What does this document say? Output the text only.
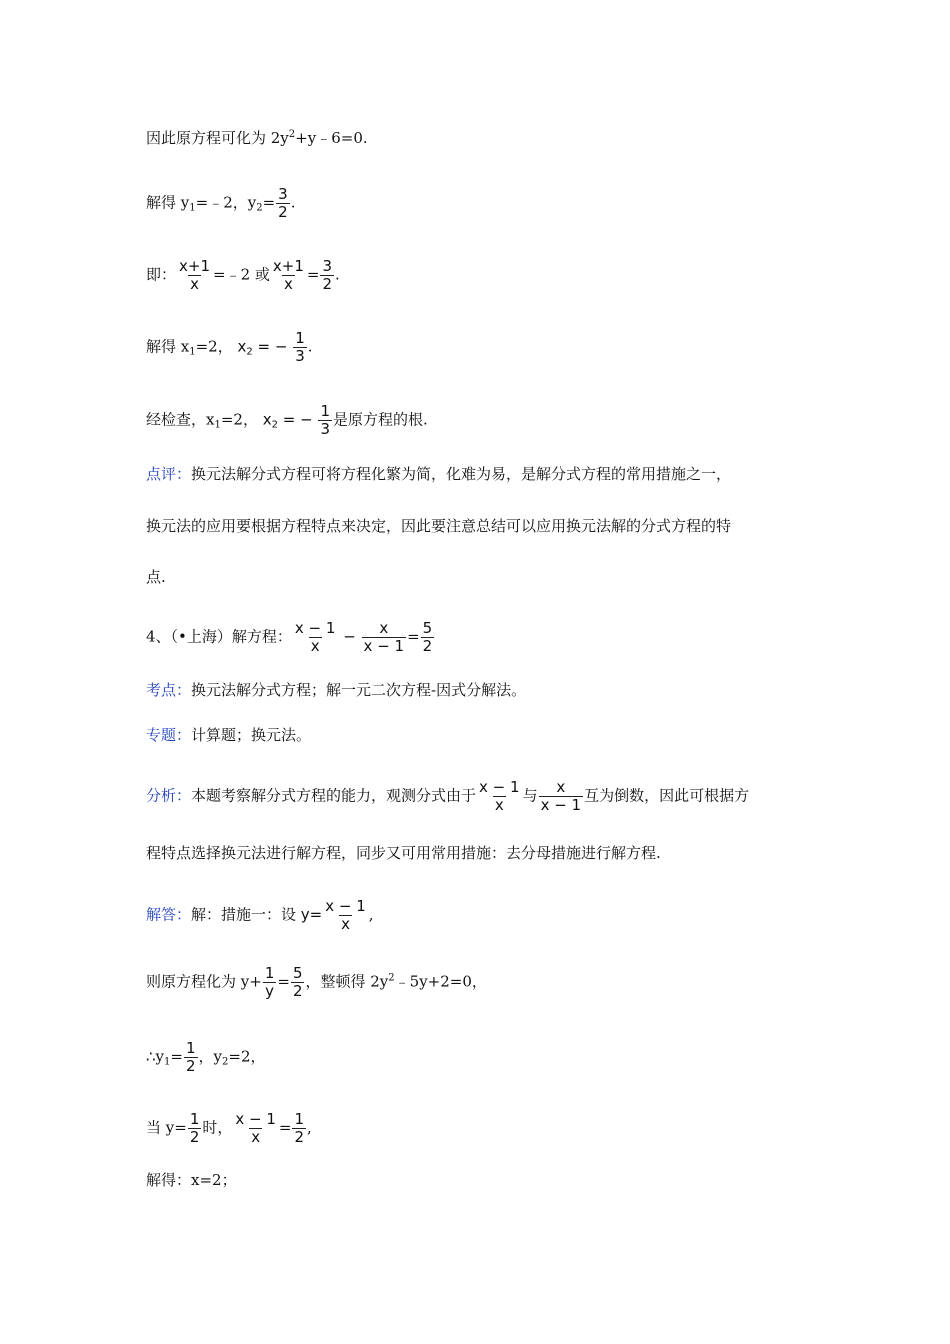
因此原方程可化为 $2y^2+y﹣6=0$.
解得 $y_1=﹣2$，$y_2= \frac{3}{2}$ .
即： $\frac{x+1}{x}$ =﹣2 或 $\frac{x+1}{x} = \frac{3}{2}$ .
解得 $x_1=2$， $x_2$ = − $\frac{1}{3}$ .
经检查，$x_1=2$， $x_2$ = − $\frac{1}{3}$ 是原方程的根.
点评：换元法解分式方程可将方程化繁为简，化难为易，是解分式方程的常用措施之一，
换元法的应用要根据方程特点来决定，因此要注意总结可以应用换元法解的分式方程的特
点.
4、（•上海）解方程： $\frac{x - 1}{x} - \frac{x}{x - 1} = \frac{5}{2}$
考点：换元法解分式方程；解一元二次方程-因式分解法。
专题：计算题；换元法。
分析：本题考察解分式方程的能力，观测分式由于 $\frac{x - 1}{x}$ 与 $\frac{x}{x - 1}$ 互为倒数，因此可根据方
程特点选择换元法进行解方程，同步又可用常用措施：去分母措施进行解方程.
解答：解：措施一：设 $y= \frac{x - 1}{x}$ ,
则原方程化为 $y+ \frac{1}{y} = \frac{5}{2}$ ，整顿得 $2y^2﹣5y+2=0$，
$\therefore y_1= \frac{1}{2}$ ，$y_2=2$，
当 $y= \frac{1}{2}$ 时， $\frac{x - 1}{x} = \frac{1}{2}$ ,
解得：x=2；
